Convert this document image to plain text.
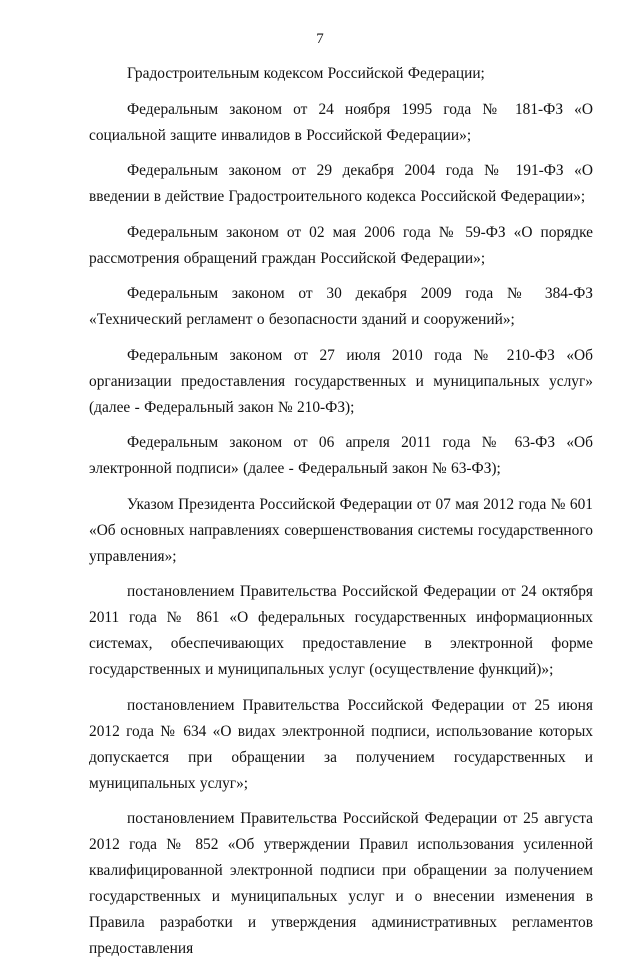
7

Градостроительным кодексом Российской Федерации;

Федеральным законом от 24 ноября 1995 года № 181-ФЗ «О социальной защите инвалидов в Российской Федерации»;

Федеральным законом от 29 декабря 2004 года № 191-ФЗ «О введении в действие Градостроительного кодекса Российской Федерации»;

Федеральным законом от 02 мая 2006 года № 59-ФЗ «О порядке рассмотрения обращений граждан Российской Федерации»;

Федеральным законом от 30 декабря 2009 года № 384-ФЗ «Технический регламент о безопасности зданий и сооружений»;

Федеральным законом от 27 июля 2010 года № 210-ФЗ «Об организации предоставления государственных и муниципальных услуг» (далее - Федеральный закон № 210-ФЗ);

Федеральным законом от 06 апреля 2011 года № 63-ФЗ «Об электронной подписи» (далее - Федеральный закон № 63-ФЗ);

Указом Президента Российской Федерации от 07 мая 2012 года № 601 «Об основных направлениях совершенствования системы государственного управления»;

постановлением Правительства Российской Федерации от 24 октября 2011 года № 861 «О федеральных государственных информационных системах, обеспечивающих предоставление в электронной форме государственных и муниципальных услуг (осуществление функций)»;

постановлением Правительства Российской Федерации от 25 июня 2012 года № 634 «О видах электронной подписи, использование которых допускается при обращении за получением государственных и муниципальных услуг»;

постановлением Правительства Российской Федерации от 25 августа 2012 года № 852 «Об утверждении Правил использования усиленной квалифицированной электронной подписи при обращении за получением государственных и муниципальных услуг и о внесении изменения в Правила разработки и утверждения административных регламентов предоставления
